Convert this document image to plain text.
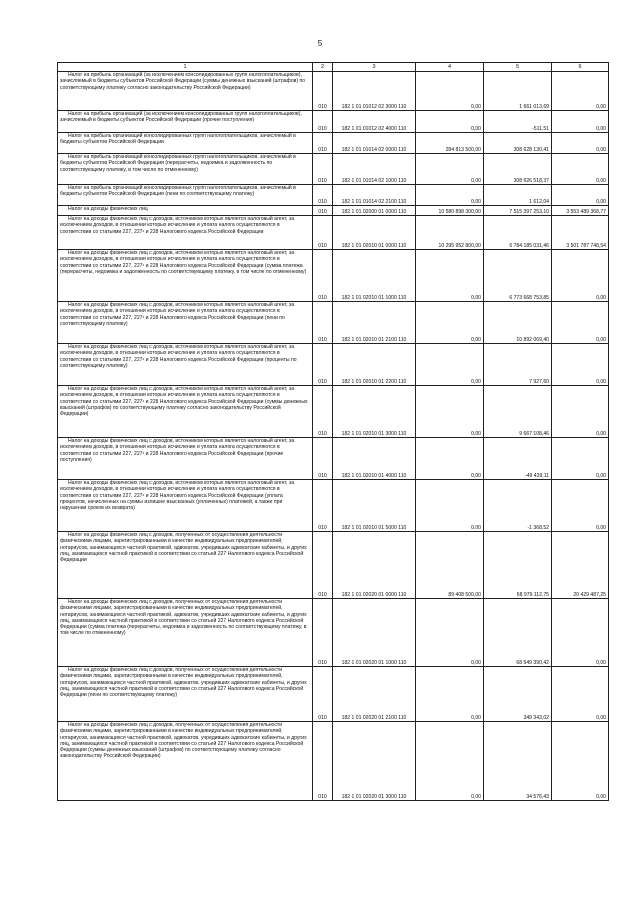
5
1	2	3	4	5	6
Налог на прибыль организаций (за исключением консолидированных групп налогоплательщиков), зачисляемый в бюджеты субъектов Российской Федерации (суммы денежных взысканий (штрафов) по соответствующему платежу согласно законодательству Российской Федерации)	010	182 1 01 01012 02 3000 110	0,00	1 661 013,69	0,00
Налог на прибыль организаций (за исключением консолидированных групп налогоплательщиков), зачисляемый в бюджеты субъектов Российской Федерации (прочие поступления)	010	182 1 01 01012 02 4000 110	0,00	-511,51	0,00
Налог на прибыль организаций консолидированных групп налогоплательщиков, зачисляемый в бюджеты субъектов Российской Федерации	010	182 1 01 01014 02 0000 110	284 813 500,00	308 628 130,41	0,00
Налог на прибыль организаций консолидированных групп налогоплательщиков, зачисляемый в бюджеты субъектов Российской Федерации (перерасчеты, недоимка и задолженность по соответствующему платежу, в том числе по отмененному)	010	182 1 01 01014 02 1000 110	0,00	308 626 518,37	0,00
Налог на прибыль организаций консолидированных групп налогоплательщиков, зачисляемый в бюджеты субъектов Российской Федерации (пени по соответствующему платежу)	010	182 1 01 01014 02 2100 110	0,00	1 612,04	0,00
Налог на доходы физических лиц	010	182 1 01 02000 01 0000 110	10 580 898 300,00	7 515 397 253,10	3 553 489 368,77
Налог на доходы физических лиц с доходов, источником которых является налоговый агент, за исключением доходов, в отношении которых исчисление и уплата налога осуществляются в соответствии со статьями 227, 227¹ и 228 Налогового кодекса Российской Федерации	010	182 1 01 02010 01 0000 110	10 295 952 800,00	6 784 185 031,46	3 501 787 748,54
Налог на доходы физических лиц с доходов, источником которых является налоговый агент, за исключением доходов, в отношении которых исчисление и уплата налога осуществляются в соответствии со статьями 227, 227¹ и 228 Налогового кодекса Российской Федерации (сумма платежа (перерасчеты, недоимка и задолженность по соответствующему платежу, в том числе по отмененному)	010	182 1 01 02010 01 1000 110	0,00	6 773 668 753,85	0,00
Налог на доходы физических лиц с доходов, источником которых является налоговый агент, за исключением доходов, в отношении которых исчисление и уплата налога осуществляются в соответствии со статьями 227, 227¹ и 228 Налогового кодекса Российской Федерации (пени по соответствующему платежу)	010	182 1 01 02010 01 2100 110	0,00	10 892 069,40	0,00
Налог на доходы физических лиц с доходов, источником которых является налоговый агент, за исключением доходов, в отношении которых исчисление и уплата налога осуществляются в соответствии со статьями 227, 227¹ и 228 Налогового кодекса Российской Федерации (проценты по соответствующему платежу)	010	182 1 01 02010 01 2200 110	0,00	7 927,60	0,00
Налог на доходы физических лиц с доходов, источником которых является налоговый агент, за исключением доходов, в отношении которых исчисление и уплата налога осуществляются в соответствии со статьями 227, 227¹ и 228 Налогового кодекса Российской Федерации (суммы денежных взысканий (штрафов) по соответствующему платежу согласно законодательству Российской Федерации)	010	182 1 01 02010 01 3000 110	0,00	9 667 108,46	0,00
Налог на доходы физических лиц с доходов, источником которых является налоговый агент, за исключением доходов, в отношении которых исчисление и уплата налога осуществляются в соответствии со статьями 227, 227¹ и 228 Налогового кодекса Российской Федерации (прочие поступления)	010	182 1 01 02010 01 4000 110	0,00	-49 439,11	0,00
Налог на доходы физических лиц с доходов, источником которых является налоговый агент, за исключением доходов, в отношении которых исчисление и уплата налога осуществляются в соответствии со статьями 227, 227¹ и 228 Налогового кодекса Российской Федерации (уплата процентов, начисленных на суммы излишне взысканных (уплаченных) платежей, а также при нарушении сроков их возврата)	010	182 1 01 02010 01 5000 110	0,00	-1 368,52	0,00
Налог на доходы физических лиц с доходов, полученных от осуществления деятельности физическими лицами, зарегистрированными в качестве индивидуальных предпринимателей, нотариусов, занимающихся частной практикой, адвокатов, учредивших адвокатские кабинеты, и других лиц, занимающихся частной практикой в соответствии со статьей 227 Налогового кодекса Российской Федерации	010	182 1 01 02020 01 0000 110	89 408 500,00	68 979 112,75	20 429 487,25
Налог на доходы физических лиц с доходов, полученных от осуществления деятельности физическими лицами, зарегистрированными в качестве индивидуальных предпринимателей, нотариусов, занимающихся частной практикой, адвокатов, учредивших адвокатские кабинеты, и других лиц, занимающихся частной практикой в соответствии со статьей 227 Налогового кодекса Российской Федерации (сумма платежа (перерасчеты, недоимка и задолженность по соответствующему платежу, в том числе по отмененному)	010	182 1 01 02020 01 1000 110	0,00	68 549 390,42	0,00
Налог на доходы физических лиц с доходов, полученных от осуществления деятельности физическими лицами, зарегистрированными в качестве индивидуальных предпринимателей, нотариусов, занимающихся частной практикой, адвокатов, учредивших адвокатские кабинеты, и других лиц, занимающихся частной практикой в соответствии со статьей 227 Налогового кодекса Российской Федерации (пени по соответствующему платежу)	010	182 1 01 02020 01 2100 110	0,00	349 343,02	0,00
Налог на доходы физических лиц с доходов, полученных от осуществления деятельности физическими лицами, зарегистрированными в качестве индивидуальных предпринимателей, нотариусов, занимающихся частной практикой, адвокатов, учредивших адвокатские кабинеты, и других лиц, занимающихся частной практикой в соответствии со статьей 227 Налогового кодекса Российской Федерации (суммы денежных взысканий (штрафов) по соответствующему платежу согласно законодательству Российской Федерации)	010	182 1 01 02020 01 3000 110	0,00	34 576,43	0,00
